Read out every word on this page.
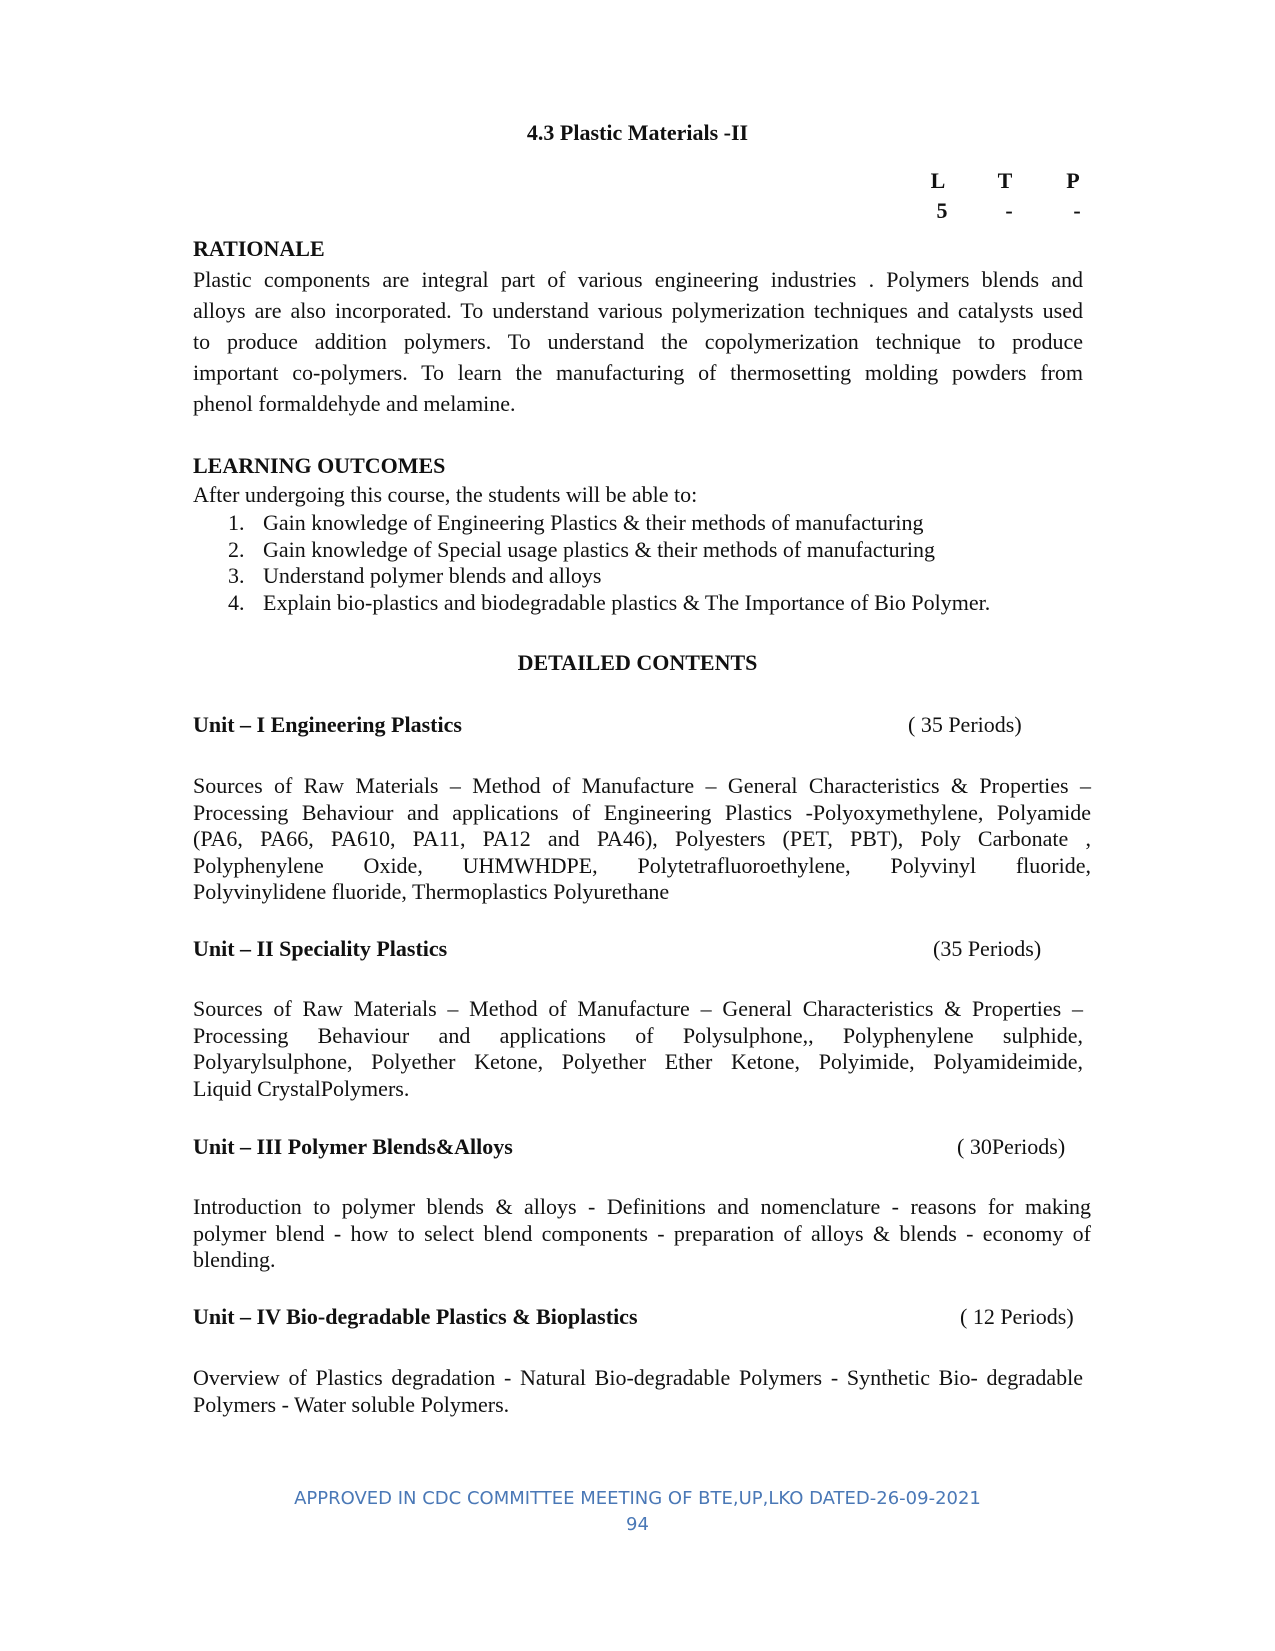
4.3 Plastic Materials -II
L	T	P
5	-	-
RATIONALE
Plastic components are integral part of various engineering industries . Polymers blends and
alloys are also incorporated. To understand various polymerization techniques and catalysts used
to produce addition polymers. To understand the copolymerization technique to produce
important co-polymers. To learn the manufacturing of thermosetting molding powders from
phenol formaldehyde and melamine.
LEARNING OUTCOMES
After undergoing this course, the students will be able to:
1. Gain knowledge of Engineering Plastics & their methods of manufacturing
2. Gain knowledge of Special usage plastics & their methods of manufacturing
3. Understand polymer blends and alloys
4. Explain bio-plastics and biodegradable plastics & The Importance of Bio Polymer.
DETAILED CONTENTS
Unit – I Engineering Plastics	( 35 Periods)
Sources of Raw Materials – Method of Manufacture – General Characteristics & Properties –
Processing Behaviour and applications of Engineering Plastics -Polyoxymethylene, Polyamide
(PA6, PA66, PA610, PA11, PA12 and PA46), Polyesters (PET, PBT), Poly Carbonate ,
Polyphenylene Oxide, UHMWHDPE, Polytetrafluoroethylene, Polyvinyl fluoride,
Polyvinylidene fluoride, Thermoplastics Polyurethane
Unit – II Speciality Plastics	(35 Periods)
Sources of Raw Materials – Method of Manufacture – General Characteristics & Properties –
Processing Behaviour and applications of Polysulphone,, Polyphenylene sulphide,
Polyarylsulphone, Polyether Ketone, Polyether Ether Ketone, Polyimide, Polyamideimide,
Liquid CrystalPolymers.
Unit – III Polymer Blends&Alloys	( 30Periods)
Introduction to polymer blends & alloys - Definitions and nomenclature - reasons for making
polymer blend - how to select blend components - preparation of alloys & blends - economy of
blending.
Unit – IV Bio-degradable Plastics & Bioplastics	( 12 Periods)
Overview of Plastics degradation - Natural Bio-degradable Polymers - Synthetic Bio- degradable
Polymers - Water soluble Polymers.
APPROVED IN CDC COMMITTEE MEETING OF BTE,UP,LKO DATED-26-09-2021
94
